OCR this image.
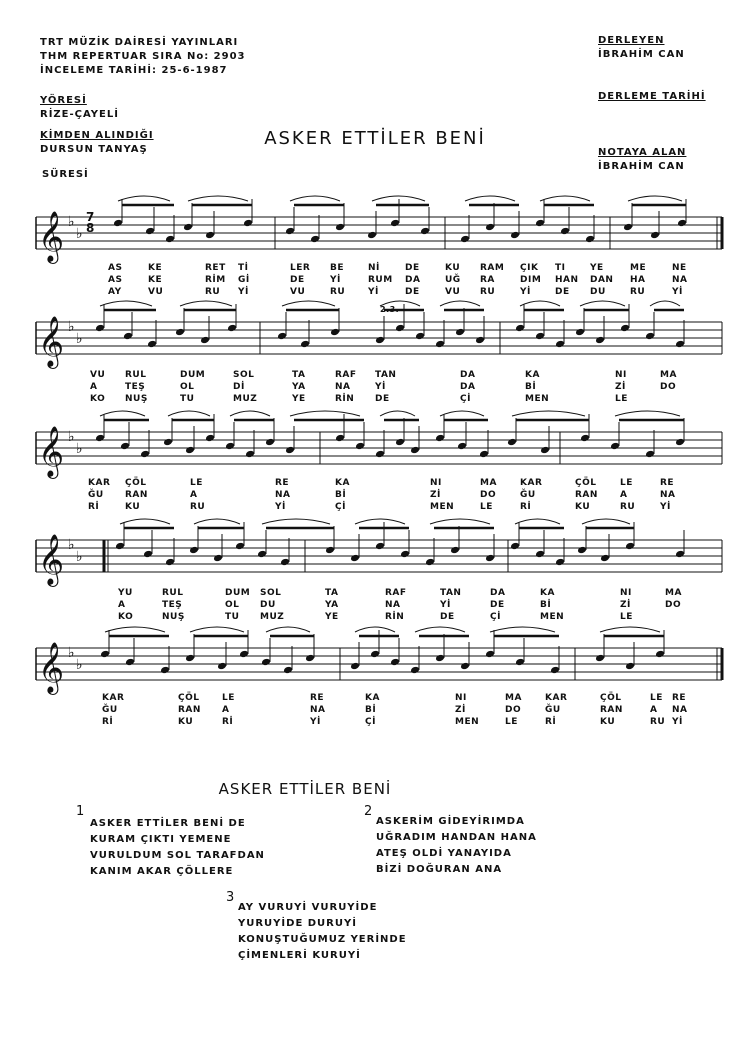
TRT MÜZİK DAİRESİ YAYINLARI
THM REPERTUAR SIRA No: 2903
İNCELEME TARİHİ: 25-6-1987
YÖRESİ
RİZE-ÇAYELİ
KİMDEN ALINDIĞI
DURSUN TANYAŞ
SÜRESİ
DERLEYEN
İBRAHİM CAN
DERLEME TARİHİ
NOTAYA ALAN
İBRAHİM CAN
ASKER ETTİLER BENİ
𝄞 ♭
♭
𝄞 ♭
♭
𝄞 ♭
♭
𝄞 ♭
♭
𝄞 ♭
♭
2.3.
7
8
AS	KE	RET Tİ	LER BE	Nİ	DE	KU RAM ÇIK TI	YE	ME	NE
AS	KE	RİM Gİ	DE	Yİ	RUM DA	UĞ RA	DIM HAN DAN HA	NA
AY	VU	RU Yİ	VU	RU	Yİ	DE	VU RU	Yİ	DE DU	RU	Yİ
VU RUL	DUM	SOL	TA	RAF TAN	DA	KA	NI	MA
A	TEŞ	OL	Dİ	YA	NA	Yİ	DA	Bİ	Zİ	DO
KO NUŞ	TU	MUZ	YE	RİN DE	Çİ	MEN	LE
KAR ÇÖL	LE	RE	KA	NI	MA	KAR	ÇÖL	LE	RE
ĞU RAN	A	NA	Bİ	Zİ	DO	ĞU	RAN A	NA
Rİ	KU	RU	Yİ	Çİ	MEN	LE	Rİ	KU	RU	Yİ
YU	RUL	DUM SOL	TA	RAF	TAN	DA	KA	NI	MA
A	TEŞ	OL DU	YA	NA	Yİ	DE	Bİ	Zİ	DO
KO	NUŞ	TU MUZ	YE	RİN	DE	Çİ	MEN	LE
KAR	ÇÖL	LE	RE	KA	NI	MA	KAR	ÇÖL	LE RE
ĞU	RAN A	NA	Bİ	Zİ	DO	ĞU	RAN	A NA
Rİ	KU	Rİ	Yİ	Çİ	MEN	LE	Rİ	KU	RU Yİ
ASKER ETTİLER BENİ
1
ASKER ETTİLER BENİ DE
KURAM ÇIKTI YEMENE
VURULDUM SOL TARAFDAN
KANIM AKAR ÇÖLLERE
2
ASKERİM GİDEYİRIMDA
UĞRADIM HANDAN HANA
ATEŞ OLDİ YANAYIDA
BİZİ DOĞURAN ANA
3
AY VURUYİ VURUYİDE
YURUYİDE DURUYİ
KONUŞTUĞUMUZ YERİNDE
ÇİMENLERİ KURUYİ
